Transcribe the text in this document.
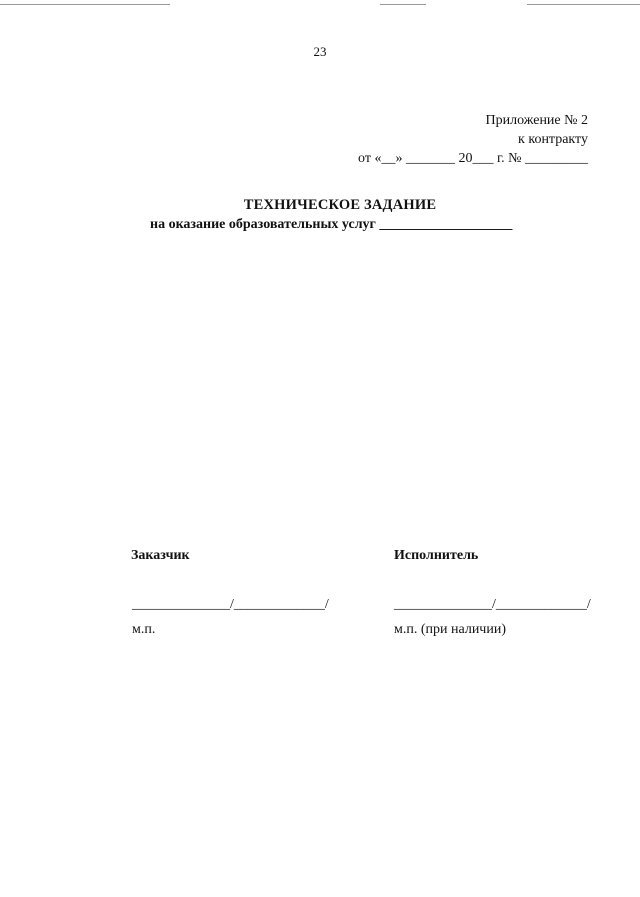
23
Приложение № 2
к контракту
от «__» _______ 20___ г. № _________
ТЕХНИЧЕСКОЕ ЗАДАНИЕ
на оказание образовательных услуг ___________________
Заказчик	Исполнитель
______________/_____________/	______________/_____________/
м.п.	м.п. (при наличии)
